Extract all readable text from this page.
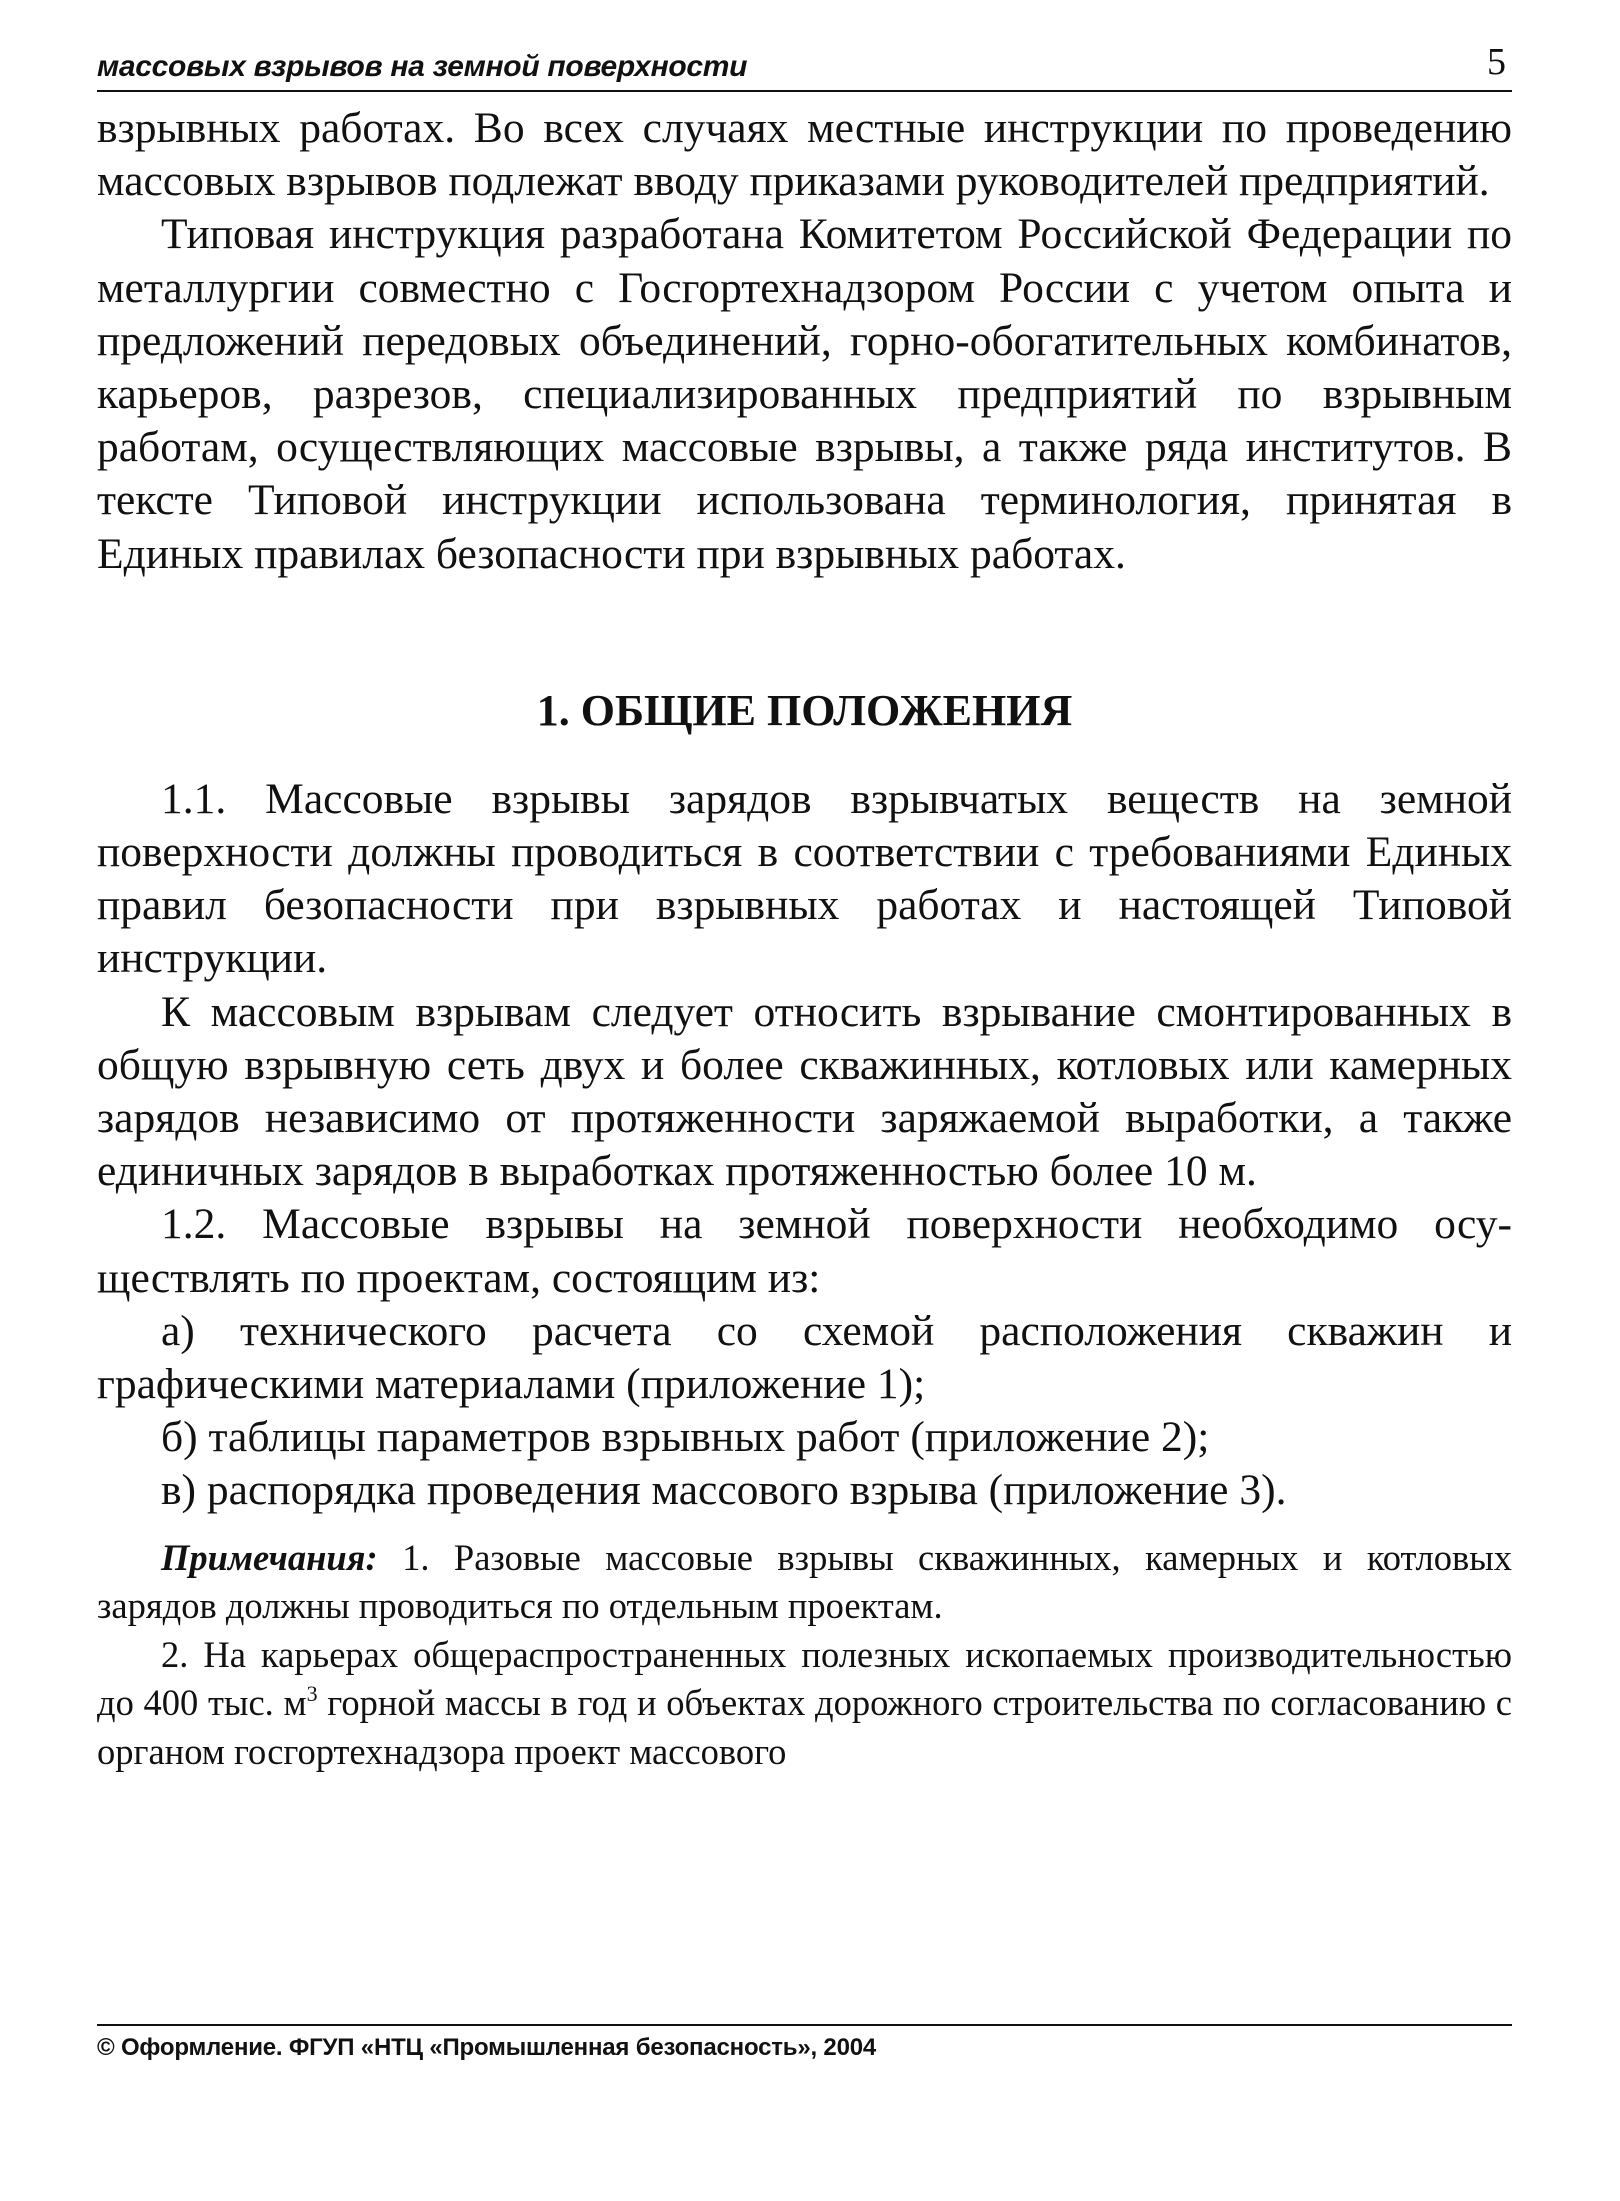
массовых взрывов на земной поверхности	5

взрывных работах. Во всех случаях местные инструкции по проведению массовых взрывов подлежат вводу приказами руководителей предприятий.

Типовая инструкция разработана Комитетом Российской Федерации по металлургии совместно с Госгортехнадзором России с учетом опыта и предложений передовых объединений, горно-обогатительных комбинатов, карьеров, разрезов, специализированных предприятий по взрывным работам, осуществляющих массовые взрывы, а также ряда институтов. В тексте Типовой инструкции использована терминология, принятая в Единых правилах безопасности при взрывных работах.

1. ОБЩИЕ ПОЛОЖЕНИЯ

1.1. Массовые взрывы зарядов взрывчатых веществ на земной поверхности должны проводиться в соответствии с требованиями Единых правил безопасности при взрывных работах и настоящей Типовой инструкции.

К массовым взрывам следует относить взрывание смонтированных в общую взрывную сеть двух и более скважинных, котловых или камерных зарядов независимо от протяженности заряжаемой выработки, а также единичных зарядов в выработках протяженностью более 10 м.

1.2. Массовые взрывы на земной поверхности необходимо осуществлять по проектам, состоящим из:

а) технического расчета со схемой расположения скважин и графическими материалами (приложение 1);

б) таблицы параметров взрывных работ (приложение 2);

в) распорядка проведения массового взрыва (приложение 3).

Примечания: 1. Разовые массовые взрывы скважинных, камерных и котловых зарядов должны проводиться по отдельным проектам.

2. На карьерах общераспространенных полезных ископаемых производительностью до 400 тыс. $м^3$ горной массы в год и объектах дорожного строительства по согласованию с органом госгортехнадзора проект массового

© Оформление. ФГУП «НТЦ «Промышленная безопасность», 2004
